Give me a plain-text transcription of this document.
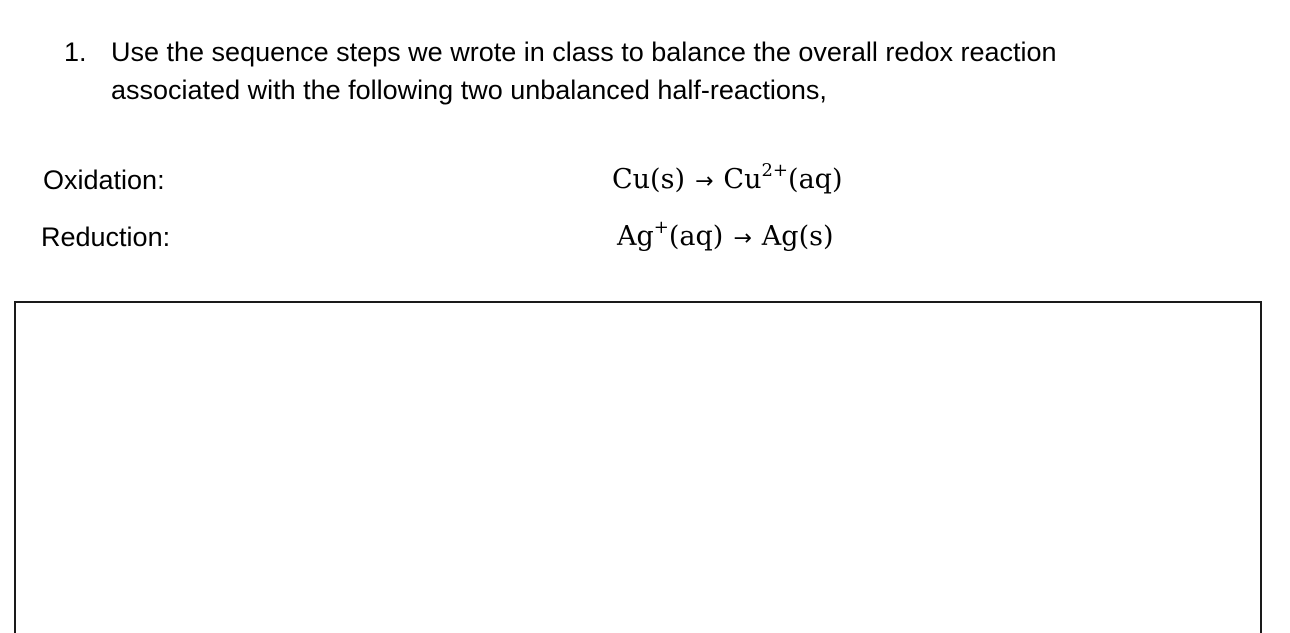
1. Use the sequence steps we wrote in class to balance the overall redox reaction
associated with the following two unbalanced half-reactions,
Oxidation:	$Cu(s) \to Cu^{2+}(aq)$
Reduction:	Ag+(aq) → Ag(s)
